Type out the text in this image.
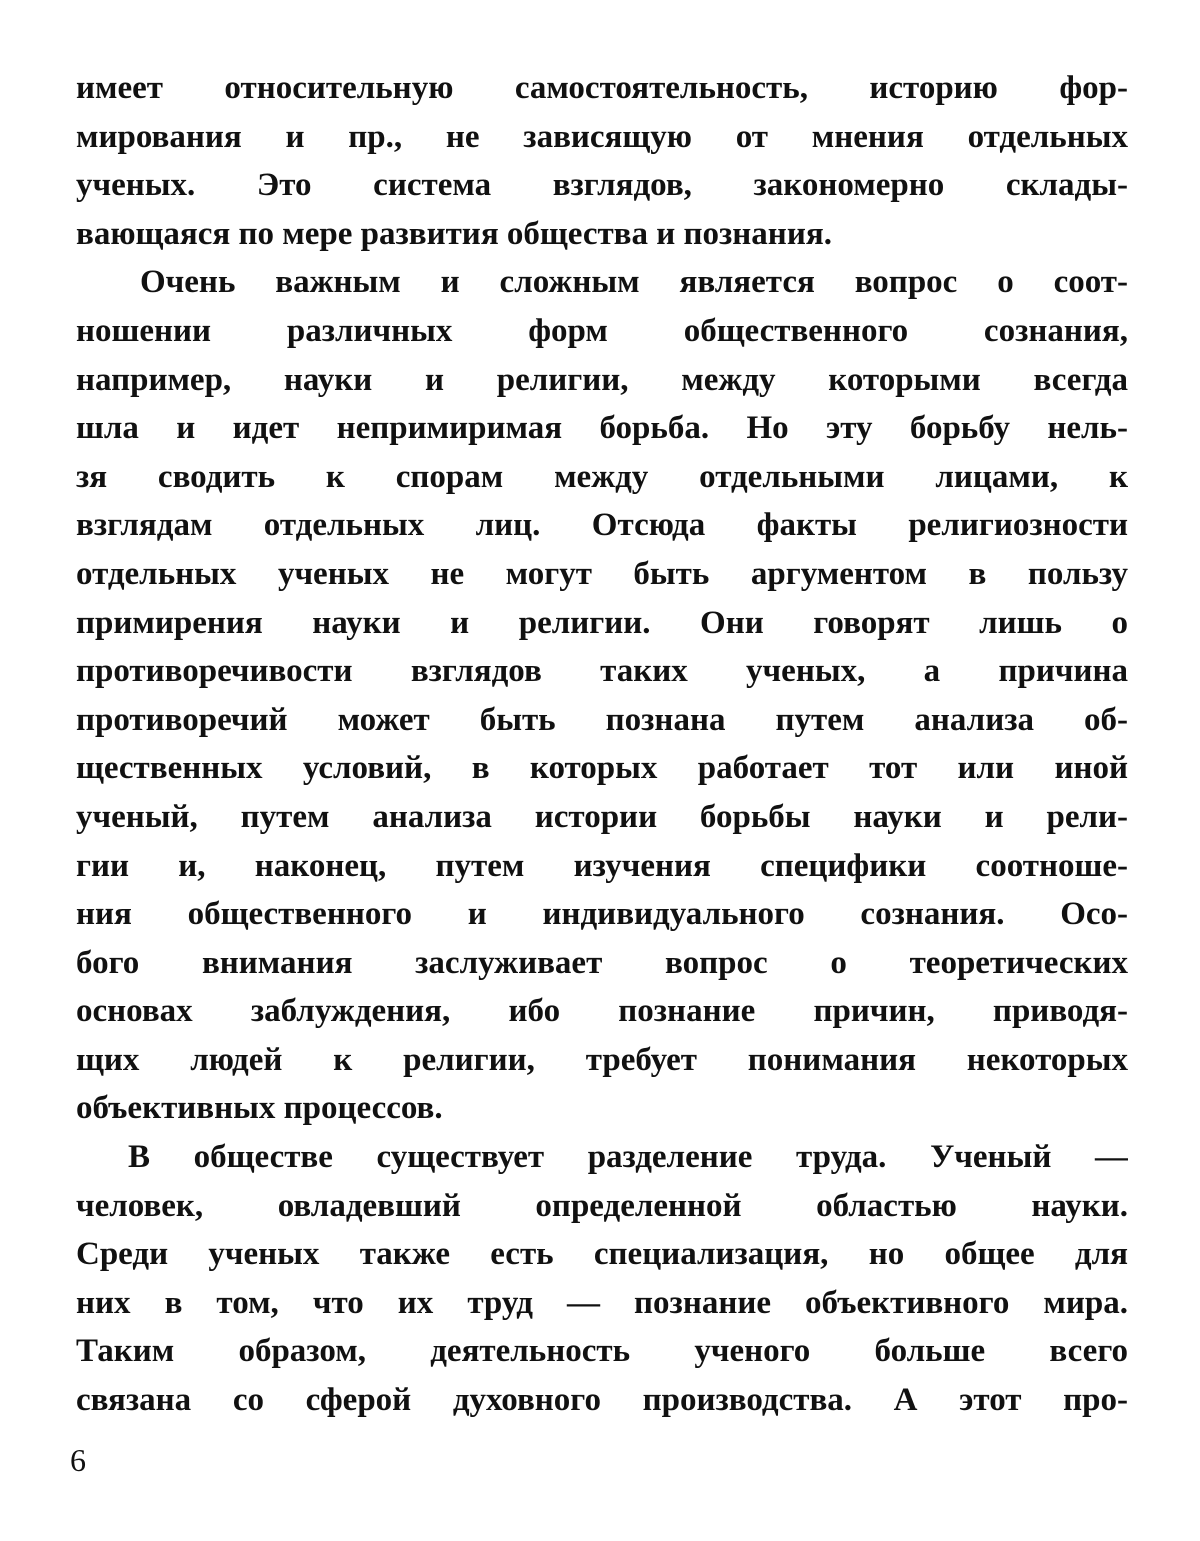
имеет относительную самостоятельность, историю фор-
мирования и пр., не зависящую от мнения отдельных
ученых. Это система взглядов, закономерно склады-
вающаяся по мере развития общества и познания.
Очень важным и сложным является вопрос о соот-
ношении различных форм общественного сознания,
например, науки и религии, между которыми всегда
шла и идет непримиримая борьба. Но эту борьбу нель-
зя сводить к спорам между отдельными лицами, к
взглядам отдельных лиц. Отсюда факты религиозности
отдельных ученых не могут быть аргументом в пользу
примирения науки и религии. Они говорят лишь о
противоречивости взглядов таких ученых, а причина
противоречий может быть познана путем анализа об-
щественных условий, в которых работает тот или иной
ученый, путем анализа истории борьбы науки и рели-
гии и, наконец, путем изучения специфики соотноше-
ния общественного и индивидуального сознания. Осо-
бого внимания заслуживает вопрос о теоретических
основах заблуждения, ибо познание причин, приводя-
щих людей к религии, требует понимания некоторых
объективных процессов.
В обществе существует разделение труда. Ученый —
человек, овладевший определенной областью науки.
Среди ученых также есть специализация, но общее для
них в том, что их труд — познание объективного мира.
Таким образом, деятельность ученого больше всего
связана со сферой духовного производства. А этот про-
6
